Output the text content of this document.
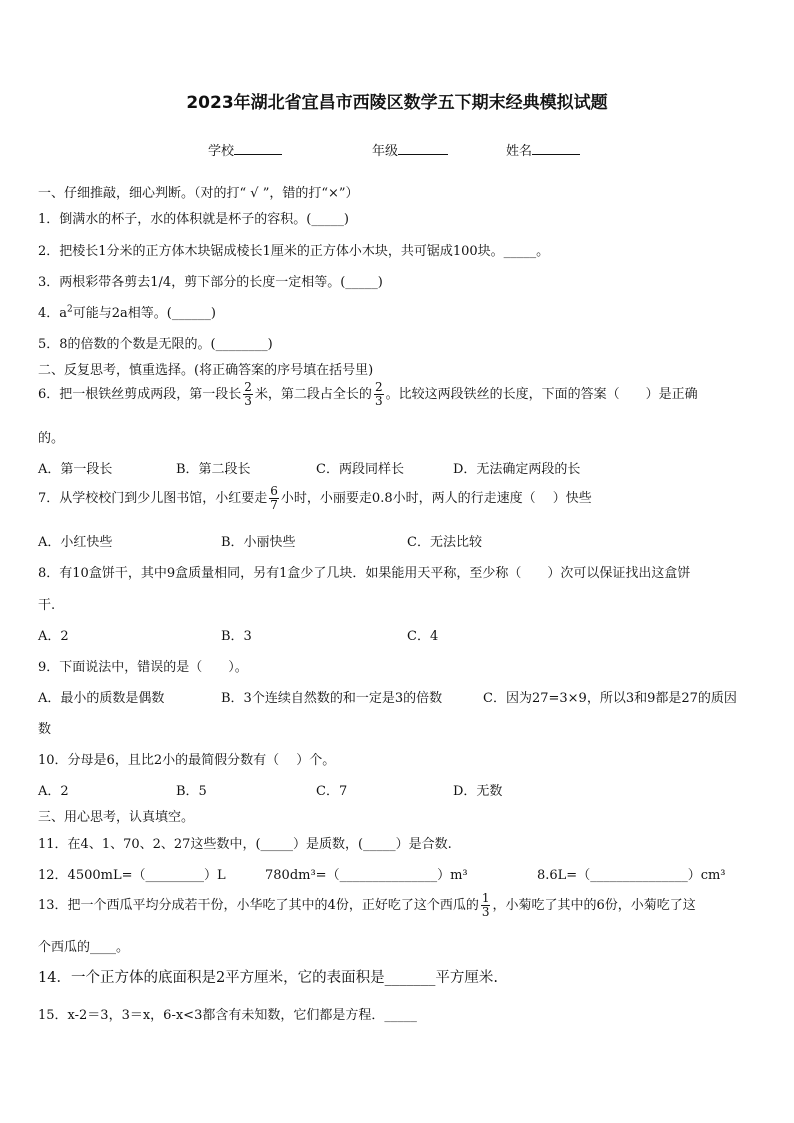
2023年湖北省宜昌市西陵区数学五下期末经典模拟试题
学校	年级	姓名
一、仔细推敲，细心判断。（对的打“ √ ”，错的打“×”）
1．倒满水的杯子，水的体积就是杯子的容积。(_____)
2．把棱长1分米的正方体木块锯成棱长1厘米的正方体小木块，共可锯成100块。_____。
3．两根彩带各剪去1/4，剪下部分的长度一定相等。(_____)
4．$a^2$可能与2a相等。(______)
5．8的倍数的个数是无限的。(________)
二、反复思考，慎重选择。(将正确答案的序号填在括号里)
6．把一根铁丝剪成两段，第一段长 $\frac{2}{3}$ 米，第二段占全长的 $\frac{2}{3}$ 。比较这两段铁丝的长度，下面的答案（　　）是正确
的。
A．第一段长	B．第二段长	C．两段同样长	D．无法确定两段的长
7．从学校校门到少儿图书馆，小红要走 $\frac{6}{7}$ 小时，小丽要走0.8小时，两人的行走速度（　 ）快些
A．小红快些	B．小丽快些	C．无法比较
8．有10盒饼干，其中9盒质量相同，另有1盒少了几块．如果能用天平称，至少称（　　）次可以保证找出这盒饼
干.
A．2	B．3	C．4
9．下面说法中，错误的是（　　）。
A．最小的质数是偶数	B．3个连续自然数的和一定是3的倍数	C．因为27=3×9，所以3和9都是27的质因
数
10．分母是6，且比2小的最简假分数有（　 ）个。
A．2	B．5	C．7	D．无数
三、用心思考，认真填空。
11．在4、1、70、2、27这些数中，(_____）是质数，(_____）是合数.
12．4500mL=（_________）L	780dm³=（_______________）m³	8.6L=（_______________）cm³
13．把一个西瓜平均分成若干份，小华吃了其中的4份，正好吃了这个西瓜的 $\frac{1}{3}$ ，小菊吃了其中的6份，小菊吃了这
个西瓜的____。
14．一个正方体的底面积是2平方厘米，它的表面积是_______平方厘米.
15．x-2＝3，3＝x，6-x<3都含有未知数，它们都是方程．_____
